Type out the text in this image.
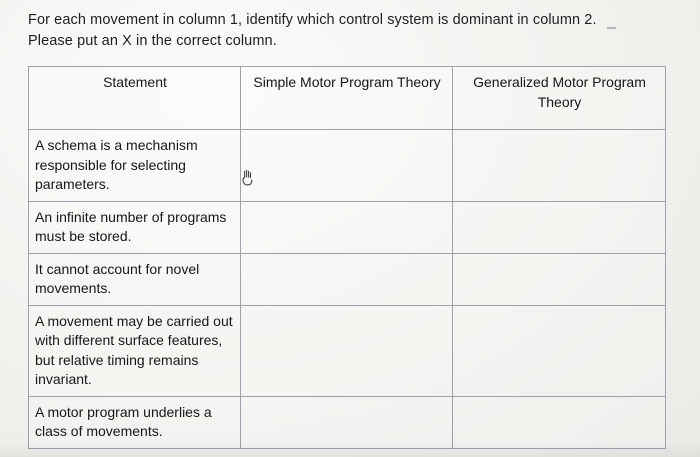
For each movement in column 1, identify which control system is dominant in column 2.
Please put an X in the correct column.
Statement	Simple Motor Program Theory	Generalized Motor Program Theory
A schema is a mechanism responsible for selecting parameters.		
An infinite number of programs must be stored.		
It cannot account for novel movements.		
A movement may be carried out with different surface features, but relative timing remains invariant.		
A motor program underlies a class of movements.		
